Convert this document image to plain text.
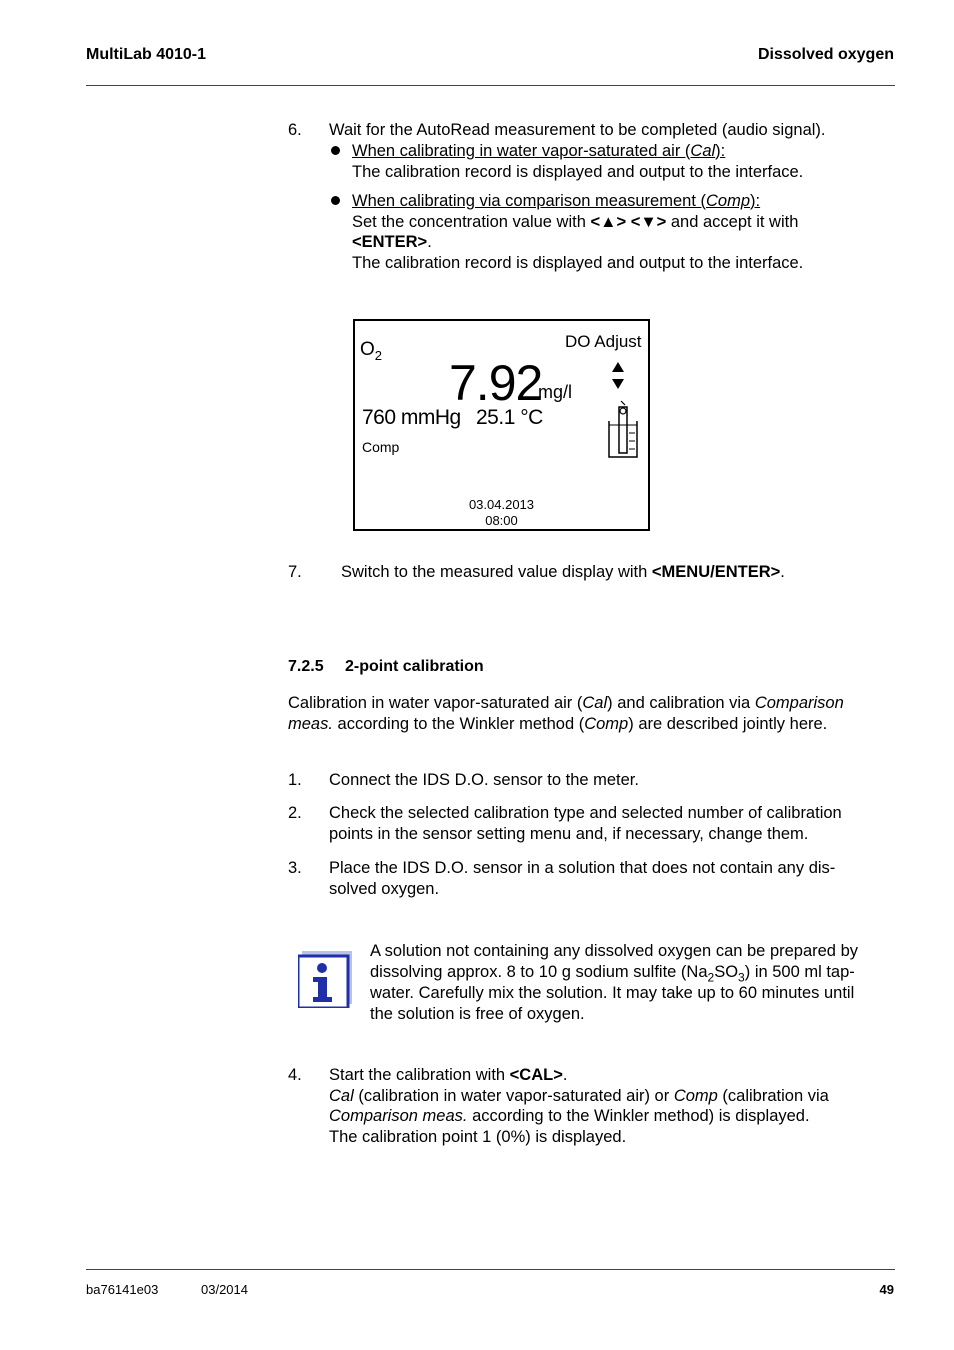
MultiLab 4010-1	Dissolved oxygen
6. Wait for the AutoRead measurement to be completed (audio signal).
When calibrating in water vapor-saturated air (Cal):
The calibration record is displayed and output to the interface.
When calibrating via comparison measurement (Comp):
Set the concentration value with <▲> <▼> and accept it with
<ENTER>.
The calibration record is displayed and output to the interface.
$O_2$
DO Adjust
7.92
mg/l
760 mmHg 25.1 °C
Comp
03.04.2013
08:00
7. Switch to the measured value display with <MENU/ENTER>.
7.2.5 2-point calibration
Calibration in water vapor-saturated air (Cal) and calibration via Comparison
meas. according to the Winkler method (Comp) are described jointly here.
1. Connect the IDS D.O. sensor to the meter.
2. Check the selected calibration type and selected number of calibration
points in the sensor setting menu and, if necessary, change them.
3. Place the IDS D.O. sensor in a solution that does not contain any dis-
solved oxygen.
A solution not containing any dissolved oxygen can be prepared by
dissolving approx. 8 to 10 g sodium sulfite $(Na_2SO_3)$ in 500 ml tap-
water. Carefully mix the solution. It may take up to 60 minutes until
the solution is free of oxygen.
4. Start the calibration with <CAL>.
Cal (calibration in water vapor-saturated air) or Comp (calibration via
Comparison meas. according to the Winkler method) is displayed.
The calibration point 1 (0%) is displayed.
ba76141e03	03/2014	49
